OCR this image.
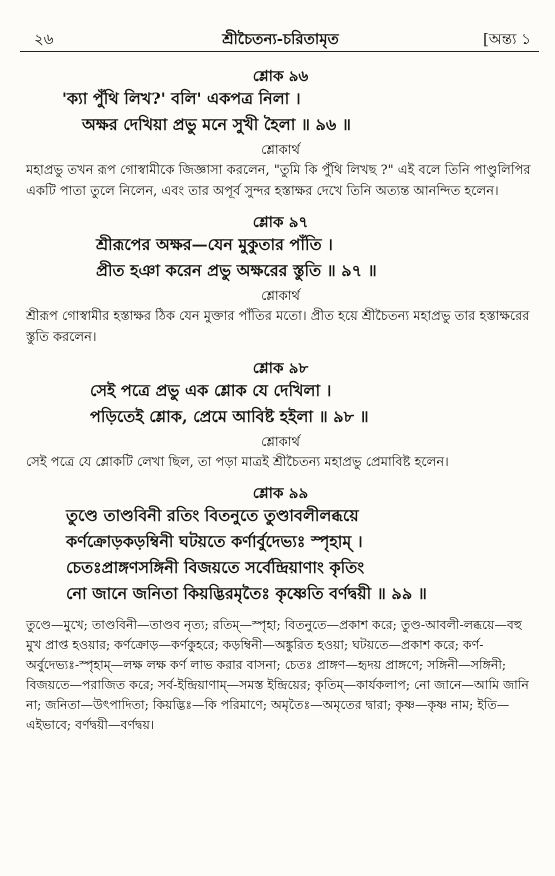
২৬	শ্রীচৈতন্য-চরিতামৃত	[অন্ত্য ১

শ্লোক ৯৬

'ক্যা পুঁথি লিখ?' বলি' একপত্র নিলা ।
অক্ষর দেখিয়া প্রভু মনে সুখী হৈলা ॥ ৯৬ ॥

শ্লোকার্থ

মহাপ্রভু তখন রূপ গোস্বামীকে জিজ্ঞাসা করলেন, "তুমি কি পুঁথি লিখছ ?" এই বলে তিনি পাণ্ডুলিপির একটি পাতা তুলে নিলেন, এবং তার অপূর্ব সুন্দর হস্তাক্ষর দেখে তিনি অত্যন্ত আনন্দিত হলেন।

শ্লোক ৯৭

শ্রীরূপের অক্ষর—যেন মুকুতার পাঁতি ।
প্রীত হঞা করেন প্রভু অক্ষরের স্তুতি ॥ ৯৭ ॥

শ্লোকার্থ

শ্রীরূপ গোস্বামীর হস্তাক্ষর ঠিক যেন মুক্তার পাঁতির মতো। প্রীত হয়ে শ্রীচৈতন্য মহাপ্রভু তার হস্তাক্ষরের স্তুতি করলেন।

শ্লোক ৯৮

সেই পত্রে প্রভু এক শ্লোক যে দেখিলা ।
পড়িতেই শ্লোক, প্রেমে আবিষ্ট হইলা ॥ ৯৮ ॥

শ্লোকার্থ

সেই পত্রে যে শ্লোকটি লেখা ছিল, তা পড়া মাত্রই শ্রীচৈতন্য মহাপ্রভু প্রেমাবিষ্ট হলেন।

শ্লোক ৯৯

তুণ্ডে তাণ্ডবিনী রতিং বিতনুতে তুণ্ডাবলীলব্ধয়ে
কর্ণক্রোড়কড়ম্বিনী ঘটয়তে কর্ণার্বুদেভ্যঃ স্পৃহাম্ ।
চেতঃপ্রাঙ্গণসঙ্গিনী বিজয়তে সর্বেন্দ্রিয়াণাং কৃতিং
নো জানে জনিতা কিয়দ্ভিরমৃতৈঃ কৃষ্ণেতি বর্ণদ্বয়ী ॥ ৯৯ ॥

তুণ্ডে—মুখে; তাণ্ডবিনী—তাণ্ডব নৃত্য; রতিম্—স্পৃহা; বিতনুতে—প্রকাশ করে; তুণ্ড-আবলী-লব্ধয়ে—বহু মুখ প্রাপ্ত হওয়ার; কর্ণক্রোড়—কর্ণকুহরে; কড়ম্বিনী—অঙ্কুরিত হওয়া; ঘটয়তে—প্রকাশ করে; কর্ণ-অর্বুদেভ্যঃ-স্পৃহাম্—লক্ষ লক্ষ কর্ণ লাভ করার বাসনা; চেতঃ প্রাঙ্গণ—হৃদয় প্রাঙ্গণে; সঙ্গিনী—সঙ্গিনী; বিজয়তে—পরাজিত করে; সর্ব-ইন্দ্রিয়াণাম্—সমস্ত ইন্দ্রিয়ের; কৃতিম্—কার্যকলাপ; নো জানে—আমি জানি না; জনিতা—উৎপাদিতা; কিয়দ্ভিঃ—কি পরিমাণে; অমৃতৈঃ—অমৃতের দ্বারা; কৃষ্ণ—কৃষ্ণ নাম; ইতি—এইভাবে; বর্ণদ্বয়ী—বর্ণদ্বয়।
